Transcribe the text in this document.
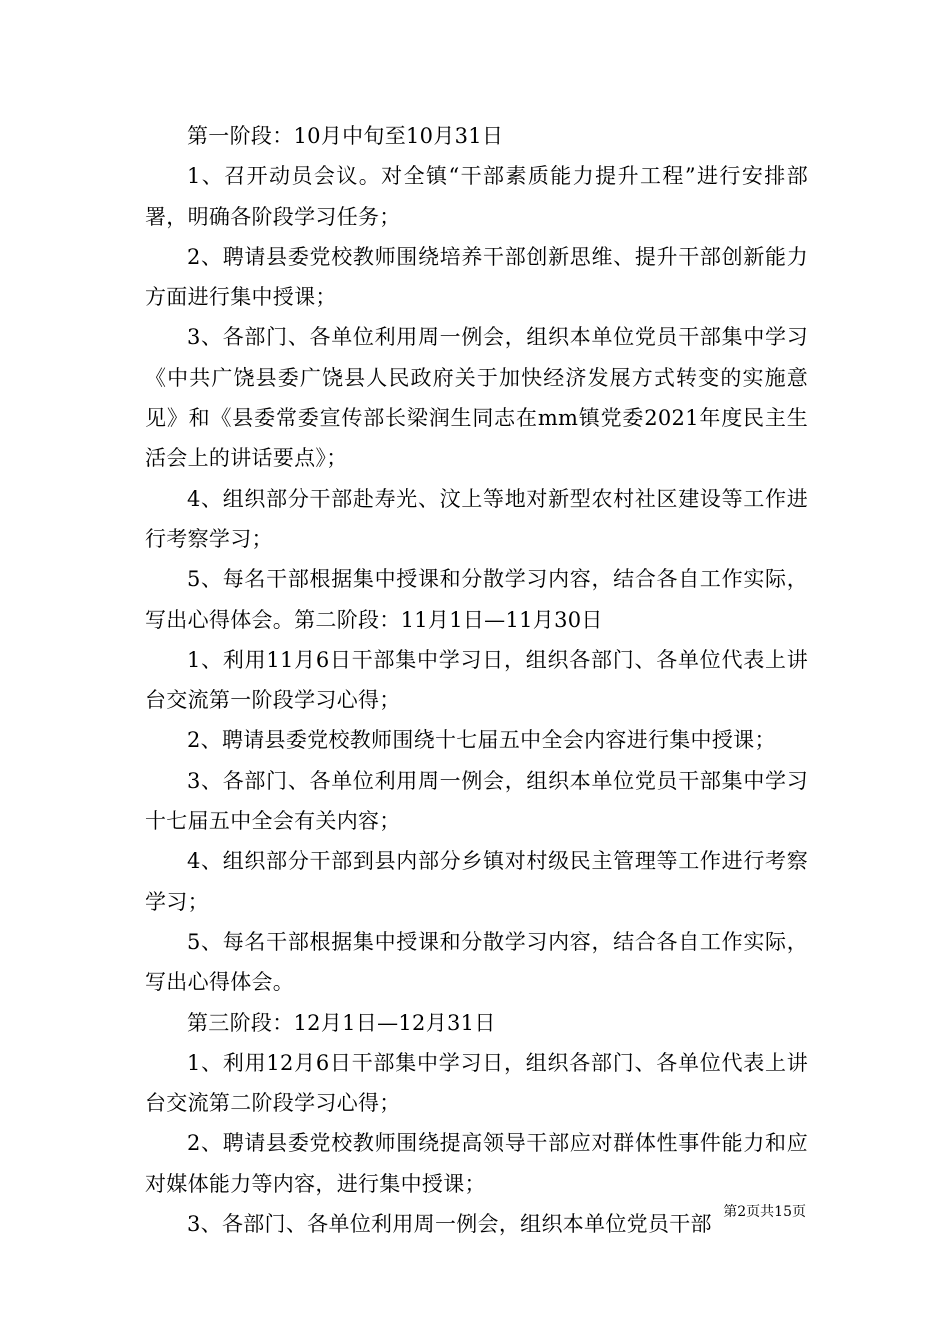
第一阶段：10月中旬至10月31日

1、召开动员会议。对全镇“干部素质能力提升工程”进行安排部署，明确各阶段学习任务；

2、聘请县委党校教师围绕培养干部创新思维、提升干部创新能力方面进行集中授课；

3、各部门、各单位利用周一例会，组织本单位党员干部集中学习《中共广饶县委广饶县人民政府关于加快经济发展方式转变的实施意见》和《县委常委宣传部长梁润生同志在mm镇党委2021年度民主生活会上的讲话要点》；

4、组织部分干部赴寿光、汶上等地对新型农村社区建设等工作进行考察学习；

5、每名干部根据集中授课和分散学习内容，结合各自工作实际，写出心得体会。第二阶段：11月1日—11月30日

1、利用11月6日干部集中学习日，组织各部门、各单位代表上讲台交流第一阶段学习心得；

2、聘请县委党校教师围绕十七届五中全会内容进行集中授课；

3、各部门、各单位利用周一例会，组织本单位党员干部集中学习十七届五中全会有关内容；

4、组织部分干部到县内部分乡镇对村级民主管理等工作进行考察学习；

5、每名干部根据集中授课和分散学习内容，结合各自工作实际，写出心得体会。

第三阶段：12月1日—12月31日

1、利用12月6日干部集中学习日，组织各部门、各单位代表上讲台交流第二阶段学习心得；

2、聘请县委党校教师围绕提高领导干部应对群体性事件能力和应对媒体能力等内容，进行集中授课；

3、各部门、各单位利用周一例会，组织本单位党员干部

第2页共15页
